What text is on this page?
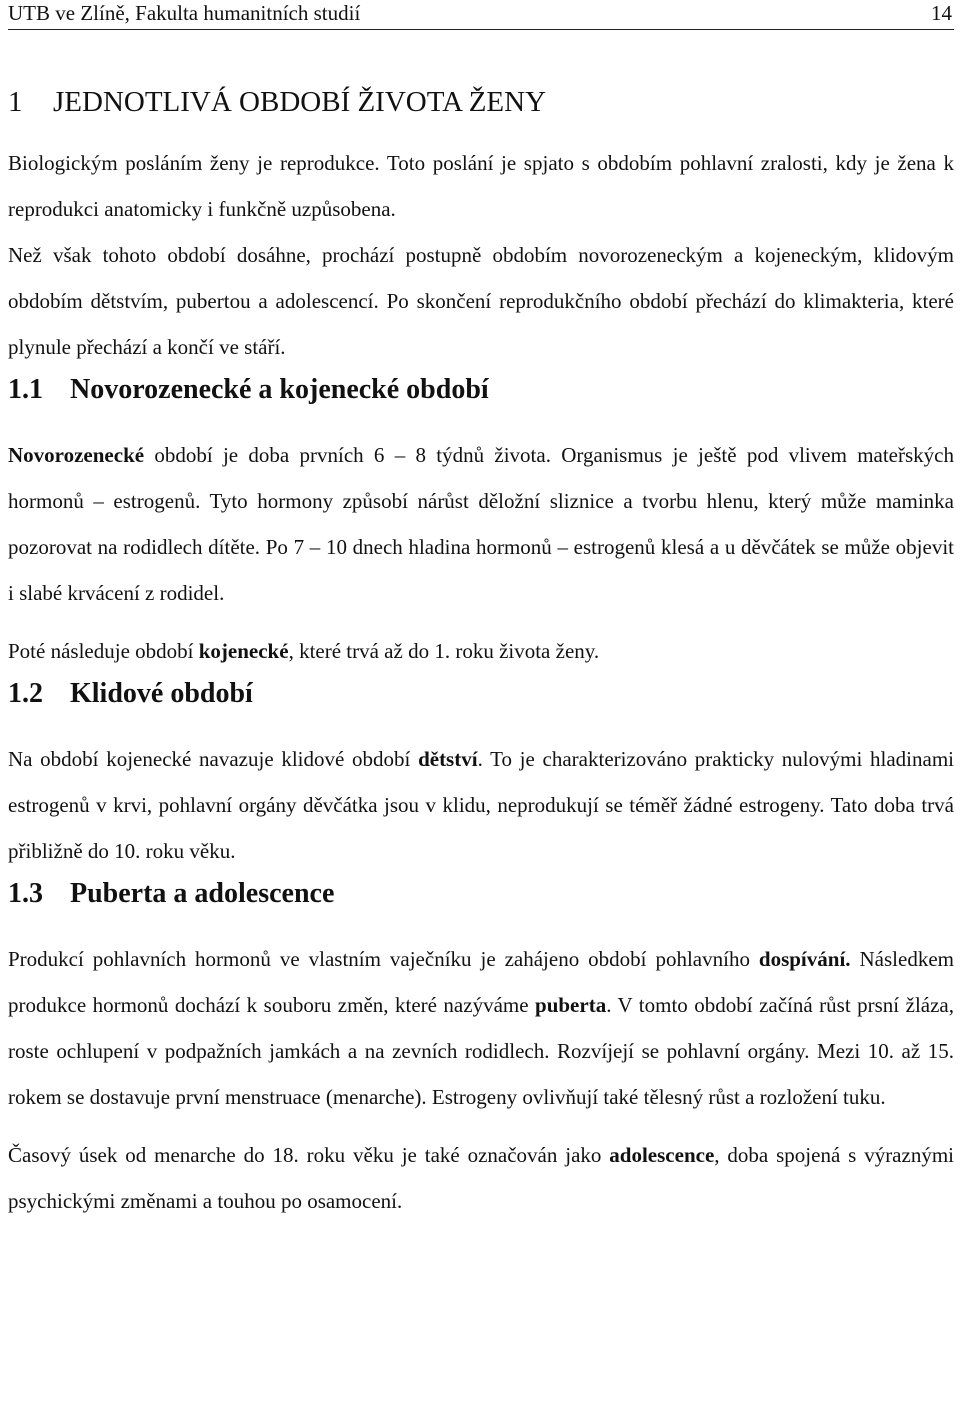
UTB ve Zlíně, Fakulta humanitních studií	14
1 JEDNOTLIVÁ OBDOBÍ ŽIVOTA ŽENY

Biologickým posláním ženy je reprodukce. Toto poslání je spjato s obdobím pohlavní zralosti, kdy je žena k reprodukci anatomicky i funkčně uzpůsobena.

Než však tohoto období dosáhne, prochází postupně obdobím novorozeneckým a kojeneckým, klidovým obdobím dětstvím, pubertou a adolescencí. Po skončení reprodukčního období přechází do klimakteria, které plynule přechází a končí ve stáří.

1.1 Novorozenecké a kojenecké období

Novorozenecké období je doba prvních 6 – 8 týdnů života. Organismus je ještě pod vlivem mateřských hormonů – estrogenů. Tyto hormony způsobí nárůst děložní sliznice a tvorbu hlenu, který může maminka pozorovat na rodidlech dítěte. Po 7 – 10 dnech hladina hormonů – estrogenů klesá a u děvčátek se může objevit i slabé krvácení z rodidel.

Poté následuje období kojenecké, které trvá až do 1. roku života ženy.

1.2 Klidové období

Na období kojenecké navazuje klidové období dětství. To je charakterizováno prakticky nulovými hladinami estrogenů v krvi, pohlavní orgány děvčátka jsou v klidu, neprodukují se téměř žádné estrogeny. Tato doba trvá přibližně do 10. roku věku.

1.3 Puberta a adolescence

Produkcí pohlavních hormonů ve vlastním vaječníku je zahájeno období pohlavního dospívání. Následkem produkce hormonů dochází k souboru změn, které nazýváme puberta. V tomto období začíná růst prsní žláza, roste ochlupení v podpažních jamkách a na zevních rodidlech. Rozvíjejí se pohlavní orgány. Mezi 10. až 15. rokem se dostavuje první menstruace (menarche). Estrogeny ovlivňují také tělesný růst a rozložení tuku.

Časový úsek od menarche do 18. roku věku je také označován jako adolescence, doba spojená s výraznými psychickými změnami a touhou po osamocení.
